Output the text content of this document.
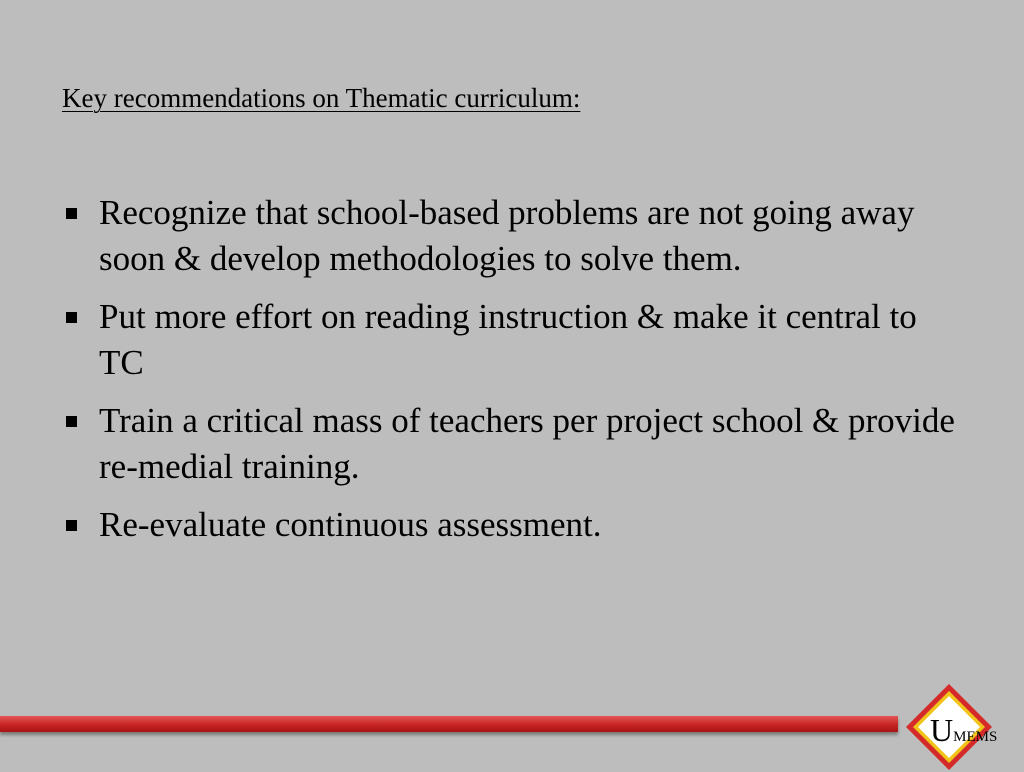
Key recommendations on Thematic curriculum:
Recognize that school-based problems are not going away soon & develop methodologies to solve them.
Put more effort on reading instruction & make it central to TC
Train a critical mass of teachers per project school & provide re-medial training.
Re-evaluate continuous assessment.
UMEMS
